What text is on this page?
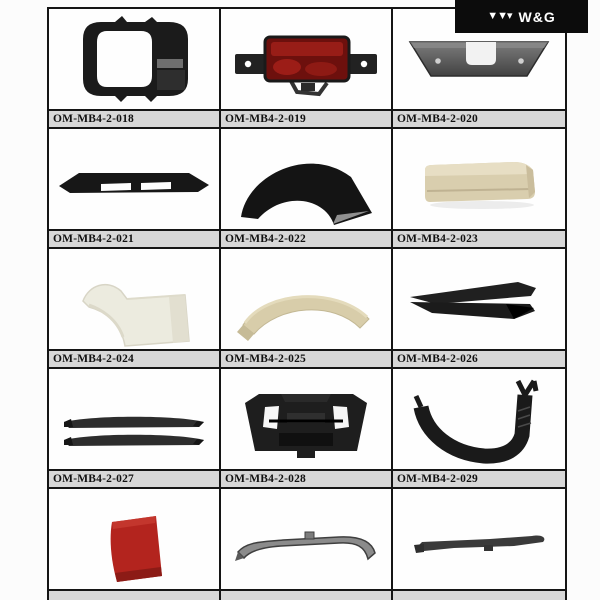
▼▼▾ W&G
OM-MB4-2-018	OM-MB4-2-019	OM-MB4-2-020
OM-MB4-2-021	OM-MB4-2-022	OM-MB4-2-023
OM-MB4-2-024	OM-MB4-2-025	OM-MB4-2-026
OM-MB4-2-027	OM-MB4-2-028	OM-MB4-2-029
